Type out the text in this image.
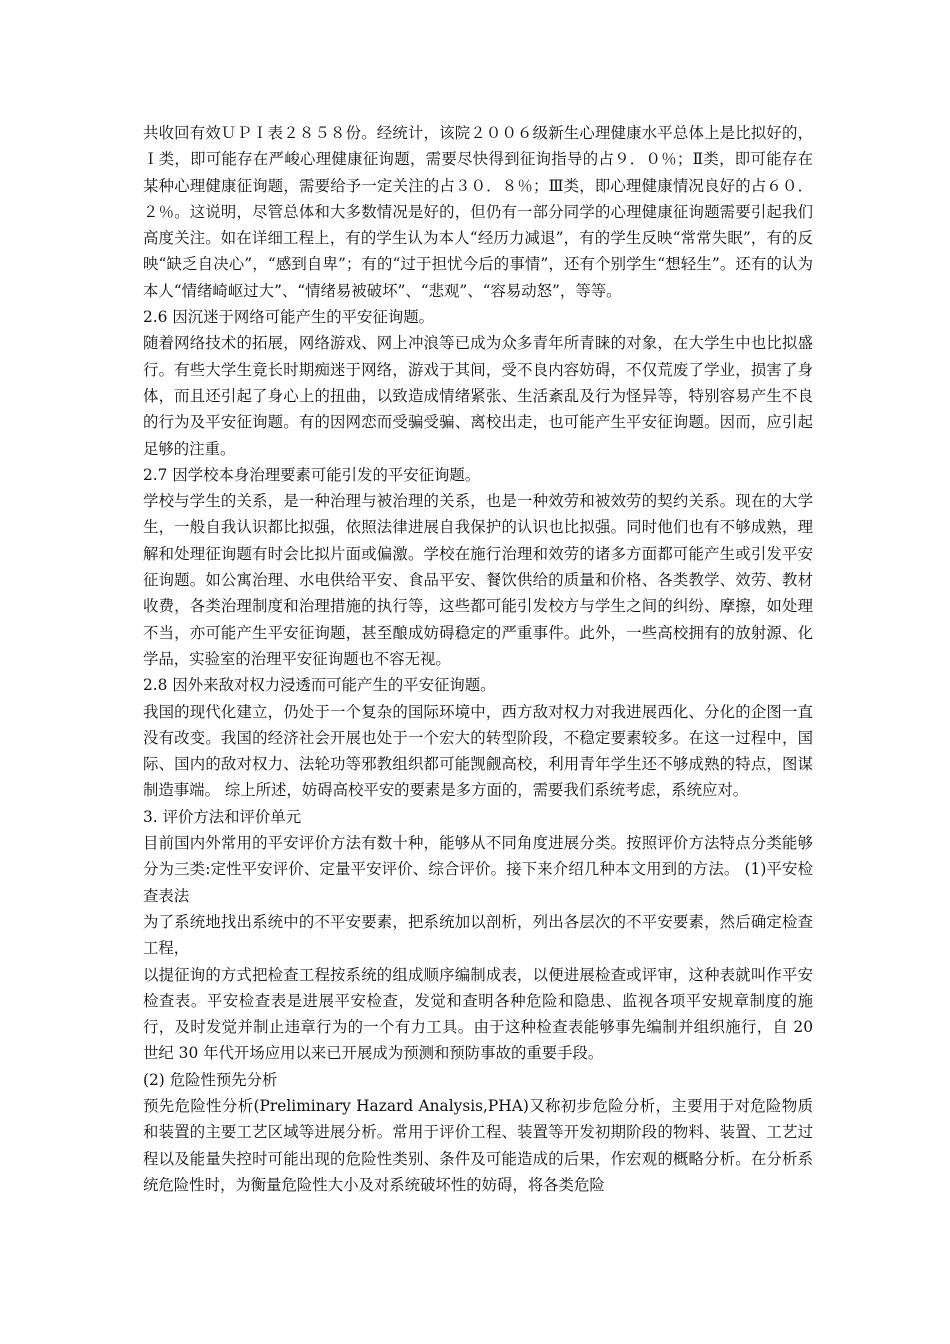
共收回有效ＵＰＩ表２８５８份。经统计，该院２００６级新生心理健康水平总体上是比拟好的，Ｉ类，即可能存在严峻心理健康征询题，需要尽快得到征询指导的占９．０％；Ⅱ类，即可能存在某种心理健康征询题，需要给予一定关注的占３０．８％；Ⅲ类，即心理健康情况良好的占６０．２％。这说明，尽管总体和大多数情况是好的，但仍有一部分同学的心理健康征询题需要引起我们高度关注。如在详细工程上，有的学生认为本人“经历力减退”，有的学生反映“常常失眠”，有的反映“缺乏自决心”，“感到自卑”；有的“过于担忧今后的事情”，还有个别学生“想轻生”。还有的认为本人“情绪崎岖过大”、“情绪易被破坏”、“悲观”、“容易动怒”，等等。

2.6 因沉迷于网络可能产生的平安征询题。

随着网络技术的拓展，网络游戏、网上冲浪等已成为众多青年所青睐的对象，在大学生中也比拟盛行。有些大学生竟长时期痴迷于网络，游戏于其间，受不良内容妨碍，不仅荒废了学业，损害了身体，而且还引起了身心上的扭曲，以致造成情绪紧张、生活紊乱及行为怪异等，特别容易产生不良的行为及平安征询题。有的因网恋而受骗受骗、离校出走，也可能产生平安征询题。因而，应引起足够的注重。

2.7 因学校本身治理要素可能引发的平安征询题。

学校与学生的关系，是一种治理与被治理的关系，也是一种效劳和被效劳的契约关系。现在的大学生，一般自我认识都比拟强，依照法律进展自我保护的认识也比拟强。同时他们也有不够成熟，理解和处理征询题有时会比拟片面或偏激。学校在施行治理和效劳的诸多方面都可能产生或引发平安征询题。如公寓治理、水电供给平安、食品平安、餐饮供给的质量和价格、各类教学、效劳、教材收费，各类治理制度和治理措施的执行等，这些都可能引发校方与学生之间的纠纷、摩擦，如处理不当，亦可能产生平安征询题，甚至酿成妨碍稳定的严重事件。此外，一些高校拥有的放射源、化学品，实验室的治理平安征询题也不容无视。

2.8 因外来敌对权力浸透而可能产生的平安征询题。

我国的现代化建立，仍处于一个复杂的国际环境中，西方敌对权力对我进展西化、分化的企图一直没有改变。我国的经济社会开展也处于一个宏大的转型阶段，不稳定要素较多。在这一过程中，国际、国内的敌对权力、法轮功等邪教组织都可能觊觎高校，利用青年学生还不够成熟的特点，图谋制造事端。 综上所述，妨碍高校平安的要素是多方面的，需要我们系统考虑，系统应对。

3. 评价方法和评价单元

目前国内外常用的平安评价方法有数十种，能够从不同角度进展分类。按照评价方法特点分类能够分为三类:定性平安评价、定量平安评价、综合评价。接下来介绍几种本文用到的方法。 (1)平安检查表法

为了系统地找出系统中的不平安要素，把系统加以剖析，列出各层次的不平安要素，然后确定检查工程，

以提征询的方式把检查工程按系统的组成顺序编制成表，以便进展检查或评审，这种表就叫作平安检查表。平安检查表是进展平安检查，发觉和查明各种危险和隐患、监视各项平安规章制度的施行，及时发觉并制止违章行为的一个有力工具。由于这种检查表能够事先编制并组织施行，自 20 世纪 30 年代开场应用以来已开展成为预测和预防事故的重要手段。

(2) 危险性预先分析

预先危险性分析(Preliminary Hazard Analysis,PHA)又称初步危险分析，主要用于对危险物质和装置的主要工艺区域等进展分析。常用于评价工程、装置等开发初期阶段的物料、装置、工艺过程以及能量失控时可能出现的危险性类别、条件及可能造成的后果，作宏观的概略分析。在分析系统危险性时，为衡量危险性大小及对系统破坏性的妨碍，将各类危险
